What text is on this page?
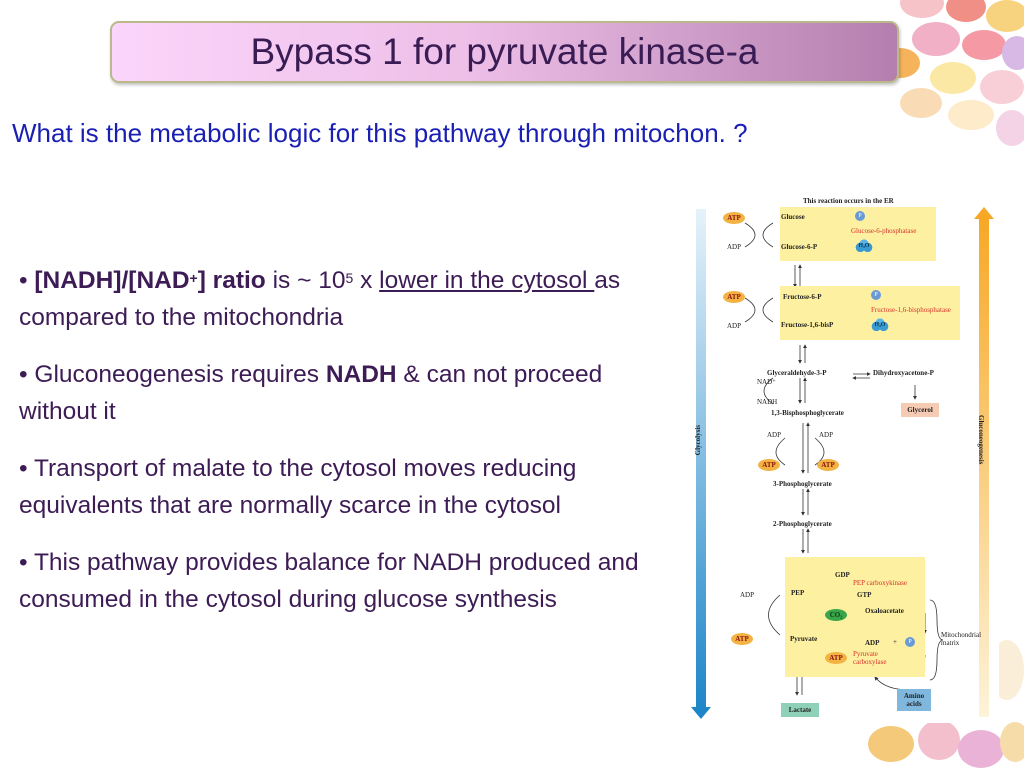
Bypass 1 for pyruvate kinase-a
What is the metabolic logic for this pathway through mitochon. ?

• [NADH]/[NAD+] ratio is ~ $10^5$ x lower in the cytosol as compared to the mitochondria

• Gluconeogenesis requires NADH & can not proceed without it

• Transport of malate to the cytosol moves reducing equivalents that are normally scarce in the cytosol

• This pathway provides balance for NADH produced and consumed in the cytosol during glucose synthesis

This reaction occurs in the ER
Glycolysis	Gluconeogenesis
ATP
ADP
Glucose
Glucose-6-P
P
Glucose-6-phosphatase
H₂O
ATP
ADP
Fructose-6-P
Fructose-1,6-bisP
P
Fructose-1,6-bisphosphatase
H₂O
Glyceraldehyde-3-P	Dihydroxyacetone-P
NAD⁺
NADH
1,3-Bisphosphoglycerate	Glycerol
ADP	ADP
ATP	ATP
3-Phosphoglycerate
2-Phosphoglycerate
GDP
PEP carboxykinase
ADP	PEP	GTP
CO₂	Oxaloacetate
ATP	Pyruvate	ADP +	P
ATP	Pyruvate carboxylase
Mitochondrial matrix
Amino acids
Lactate
